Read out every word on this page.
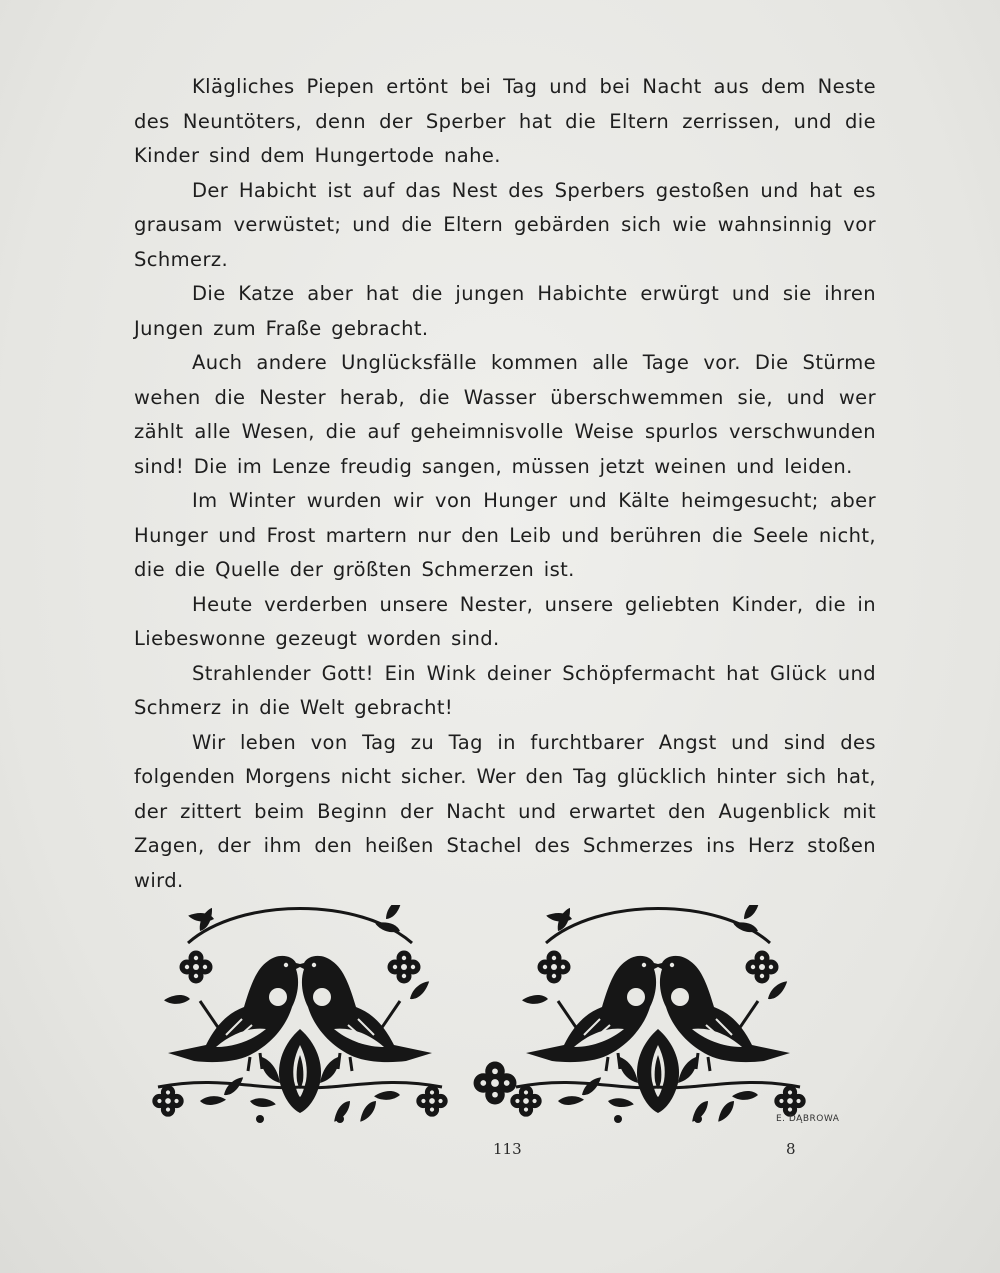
Klägliches Piepen ertönt bei Tag und bei Nacht aus dem Neste des Neuntöters, denn der Sperber hat die Eltern zerrissen, und die Kinder sind dem Hungertode nahe.

Der Habicht ist auf das Nest des Sperbers gestoßen und hat es grausam verwüstet; und die Eltern gebärden sich wie wahnsinnig vor Schmerz.

Die Katze aber hat die jungen Habichte erwürgt und sie ihren Jungen zum Fraße gebracht.

Auch andere Unglücksfälle kommen alle Tage vor. Die Stürme wehen die Nester herab, die Wasser überschwemmen sie, und wer zählt alle Wesen, die auf geheimnisvolle Weise spurlos verschwunden sind! Die im Lenze freudig sangen, müssen jetzt weinen und leiden.

Im Winter wurden wir von Hunger und Kälte heimgesucht; aber Hunger und Frost martern nur den Leib und berühren die Seele nicht, die die Quelle der größten Schmerzen ist.

Heute verderben unsere Nester, unsere geliebten Kinder, die in Liebeswonne gezeugt worden sind.

Strahlender Gott! Ein Wink deiner Schöpfermacht hat Glück und Schmerz in die Welt gebracht!

Wir leben von Tag zu Tag in furchtbarer Angst und sind des folgenden Morgens nicht sicher. Wer den Tag glücklich hinter sich hat, der zittert beim Beginn der Nacht und erwartet den Augenblick mit Zagen, der ihm den heißen Stachel des Schmerzes ins Herz stoßen wird.

E. DĄBROWA
113	8
